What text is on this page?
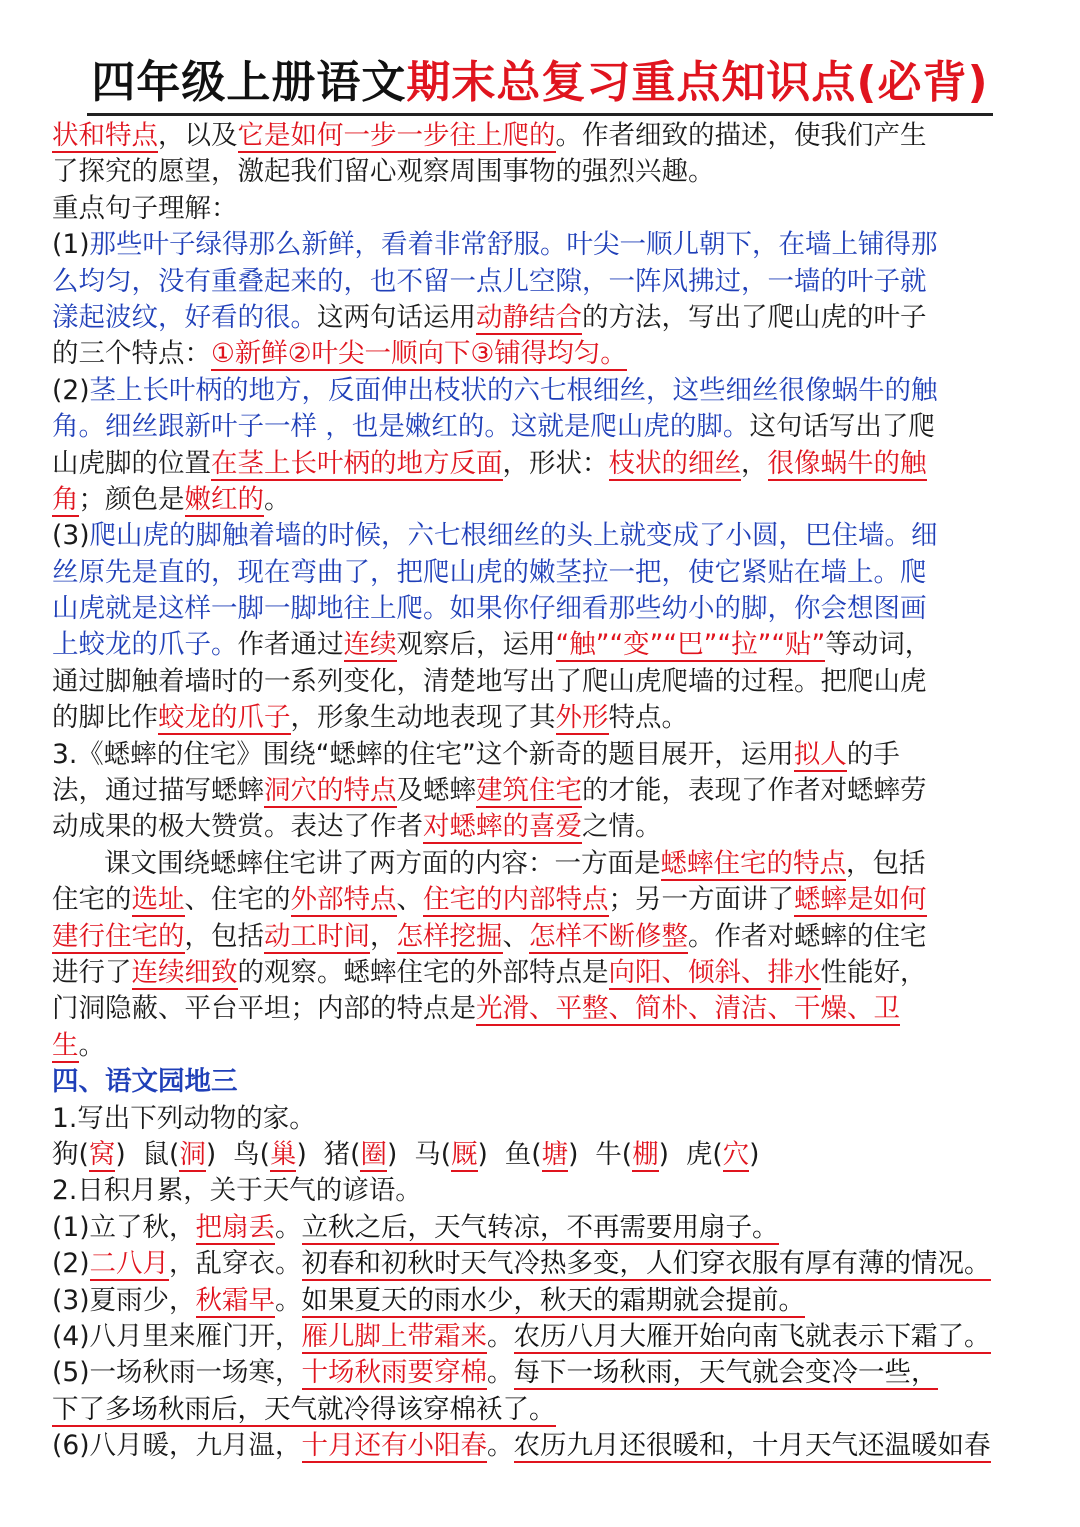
四年级上册语文期末总复习重点知识点(必背)
状和特点，以及它是如何一步一步往上爬的。作者细致的描述，使我们产生
了探究的愿望，激起我们留心观察周围事物的强烈兴趣。
重点句子理解：
(1)那些叶子绿得那么新鲜，看着非常舒服。叶尖一顺儿朝下，在墙上铺得那
么均匀，没有重叠起来的，也不留一点儿空隙，一阵风拂过，一墙的叶子就
漾起波纹，好看的很。这两句话运用动静结合的方法，写出了爬山虎的叶子
的三个特点：①新鲜②叶尖一顺向下③铺得均匀。
(2)茎上长叶柄的地方，反面伸出枝状的六七根细丝，这些细丝很像蜗牛的触
角。细丝跟新叶子一样 ，也是嫩红的。这就是爬山虎的脚。这句话写出了爬
山虎脚的位置在茎上长叶柄的地方反面，形状：枝状的细丝，很像蜗牛的触
角；颜色是嫩红的。
(3)爬山虎的脚触着墙的时候，六七根细丝的头上就变成了小圆，巴住墙。细
丝原先是直的，现在弯曲了，把爬山虎的嫩茎拉一把，使它紧贴在墙上。爬
山虎就是这样一脚一脚地往上爬。如果你仔细看那些幼小的脚，你会想图画
上蛟龙的爪子。作者通过连续观察后，运用“触”“变”“巴”“拉”“贴”等动词，
通过脚触着墙时的一系列变化，清楚地写出了爬山虎爬墙的过程。把爬山虎
的脚比作蛟龙的爪子，形象生动地表现了其外形特点。
3.《蟋蟀的住宅》围绕“蟋蟀的住宅”这个新奇的题目展开，运用拟人的手
法，通过描写蟋蟀洞穴的特点及蟋蟀建筑住宅的才能，表现了作者对蟋蟀劳
动成果的极大赞赏。表达了作者对蟋蟀的喜爱之情。
课文围绕蟋蟀住宅讲了两方面的内容：一方面是蟋蟀住宅的特点，包括
住宅的选址、住宅的外部特点、住宅的内部特点；另一方面讲了蟋蟀是如何
建行住宅的，包括动工时间，怎样挖掘、怎样不断修整。作者对蟋蟀的住宅
进行了连续细致的观察。蟋蟀住宅的外部特点是向阳、倾斜、排水性能好，
门洞隐蔽、平台平坦；内部的特点是光滑、平整、简朴、清洁、干燥、卫
生。
四、语文园地三
1.写出下列动物的家。
狗(窝) 鼠(洞) 鸟(巢) 猪(圈) 马(厩) 鱼(塘) 牛(棚) 虎(穴)
2.日积月累，关于天气的谚语。
(1)立了秋，把扇丢。立秋之后，天气转凉，不再需要用扇子。
(2)二八月，乱穿衣。初春和初秋时天气冷热多变，人们穿衣服有厚有薄的情况。
(3)夏雨少，秋霜早。如果夏天的雨水少，秋天的霜期就会提前。
(4)八月里来雁门开，雁儿脚上带霜来。农历八月大雁开始向南飞就表示下霜了。
(5)一场秋雨一场寒，十场秋雨要穿棉。每下一场秋雨，天气就会变冷一些，
下了多场秋雨后，天气就冷得该穿棉袄了。
(6)八月暖，九月温，十月还有小阳春。农历九月还很暖和，十月天气还温暖如春
